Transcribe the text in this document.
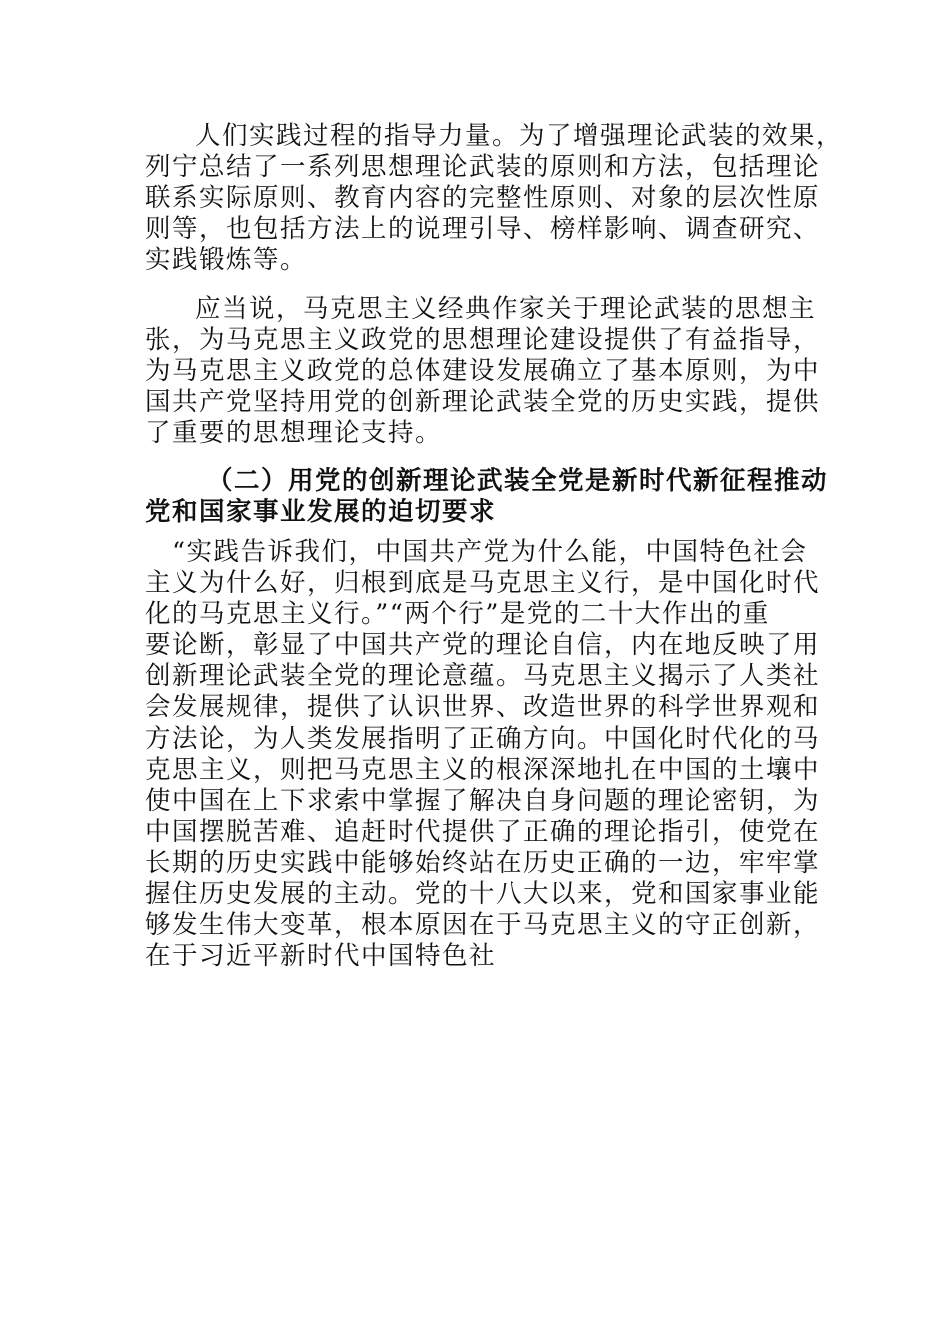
人们实践过程的指导力量。为了增强理论武装的效果，
列宁总结了一系列思想理论武装的原则和方法，包括理论
联系实际原则、教育内容的完整性原则、对象的层次性原
则等，也包括方法上的说理引导、榜样影响、调查研究、
实践锻炼等。
应当说，马克思主义经典作家关于理论武装的思想主
张，为马克思主义政党的思想理论建设提供了有益指导，
为马克思主义政党的总体建设发展确立了基本原则，为中
国共产党坚持用党的创新理论武装全党的历史实践，提供
了重要的思想理论支持。
（二）用党的创新理论武装全党是新时代新征程推动
党和国家事业发展的迫切要求
“实践告诉我们，中国共产党为什么能，中国特色社会
主义为什么好，归根到底是马克思主义行，是中国化时代
化的马克思主义行。”“两个行”是党的二十大作出的重
要论断，彰显了中国共产党的理论自信，内在地反映了用
创新理论武装全党的理论意蕴。马克思主义揭示了人类社
会发展规律，提供了认识世界、改造世界的科学世界观和
方法论，为人类发展指明了正确方向。中国化时代化的马
克思主义，则把马克思主义的根深深地扎在中国的土壤中
使中国在上下求索中掌握了解决自身问题的理论密钥，为
中国摆脱苦难、追赶时代提供了正确的理论指引，使党在
长期的历史实践中能够始终站在历史正确的一边，牢牢掌
握住历史发展的主动。党的十八大以来，党和国家事业能
够发生伟大变革，根本原因在于马克思主义的守正创新，
在于习近平新时代中国特色社
